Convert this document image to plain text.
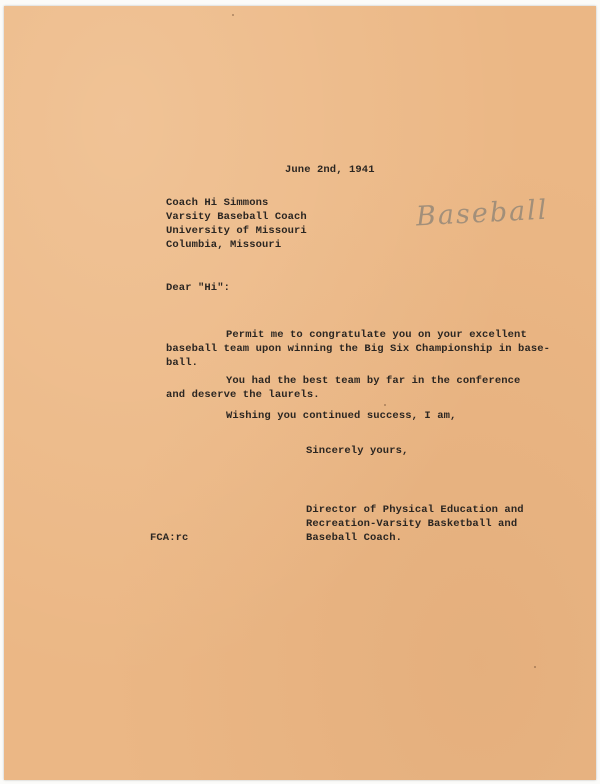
June 2nd, 1941
Baseball
Coach Hi Simmons
Varsity Baseball Coach
University of Missouri
Columbia, Missouri
Dear "Hi":
Permit me to congratulate you on your excellent
baseball team upon winning the Big Six Championship in base-
ball.
You had the best team by far in the conference
and deserve the laurels.
Wishing you continued success, I am,
Sincerely yours,
Director of Physical Education and
Recreation-Varsity Basketball and
Baseball Coach.
FCA:rc
